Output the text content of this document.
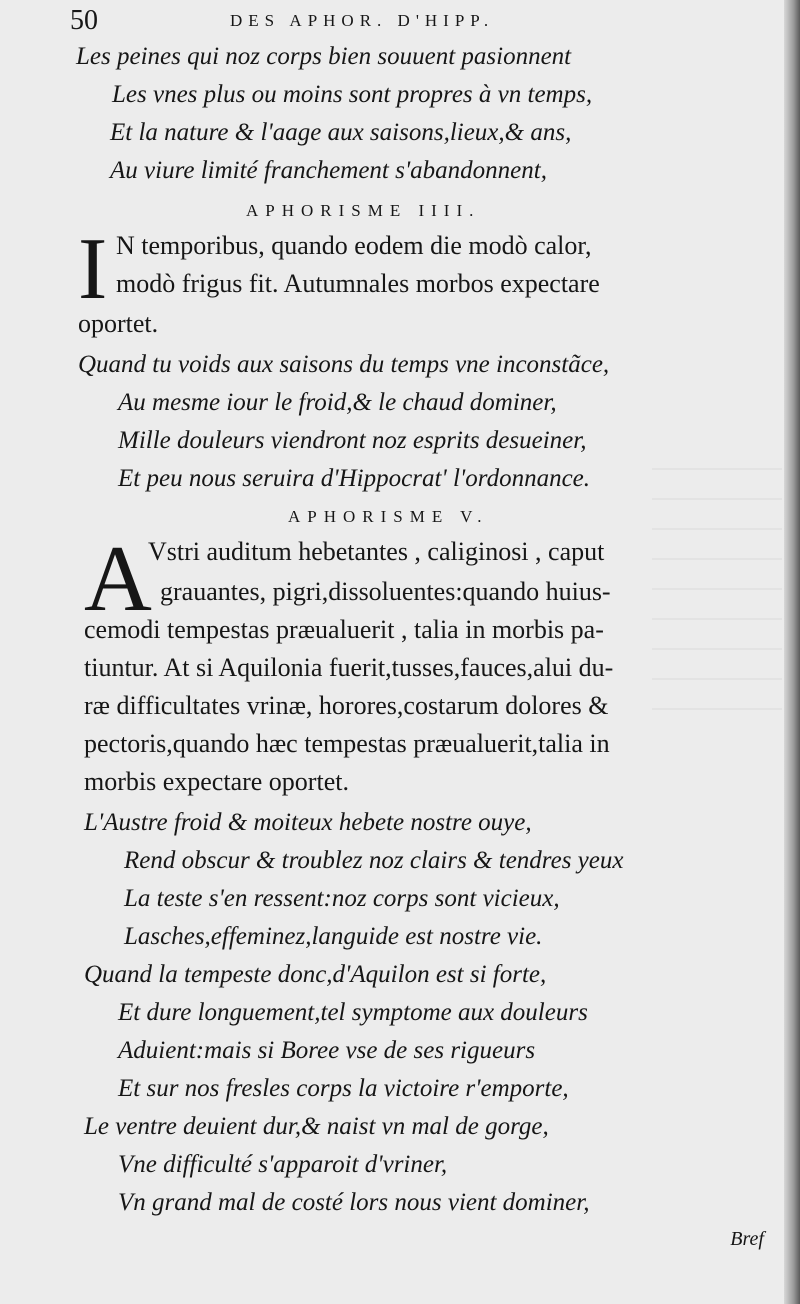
50	DES APHOR. D'HIPP.
Les peines qui noz corps bien souuent pasionnent
Les vnes plus ou moins sont propres à vn temps,
Et la nature & l'aage aux saisons,lieux,& ans,
Au viure limité franchement s'abandonnent,
APHORISME IIII.
I N temporibus, quando eodem die modò calor,
modò frigus fit. Autumnales morbos expectare
oportet.
Quand tu voids aux saisons du temps vne inconstãce,
Au mesme iour le froid,& le chaud dominer,
Mille douleurs viendront noz esprits desueiner,
Et peu nous seruira d'Hippocrat' l'ordonnance.
APHORISME V.
A
Vstri auditum hebetantes , caliginosi , caput
grauantes, pigri,dissoluentes:quando huius-
cemodi tempestas præualuerit , talia in morbis pa-
tiuntur. At si Aquilonia fuerit,tusses,fauces,alui du-
ræ difficultates vrinæ, horores,costarum dolores &
pectoris,quando hæc tempestas præualuerit,talia in
morbis expectare oportet.
L'Austre froid & moiteux hebete nostre ouye,
Rend obscur & troublez noz clairs & tendres yeux
La teste s'en ressent:noz corps sont vicieux,
Lasches,effeminez,languide est nostre vie.
Quand la tempeste donc,d'Aquilon est si forte,
Et dure longuement,tel symptome aux douleurs
Aduient:mais si Boree vse de ses rigueurs
Et sur nos fresles corps la victoire r'emporte,
Le ventre deuient dur,& naist vn mal de gorge,
Vne difficulté s'apparoit d'vriner,
Vn grand mal de costé lors nous vient dominer,
Bref
